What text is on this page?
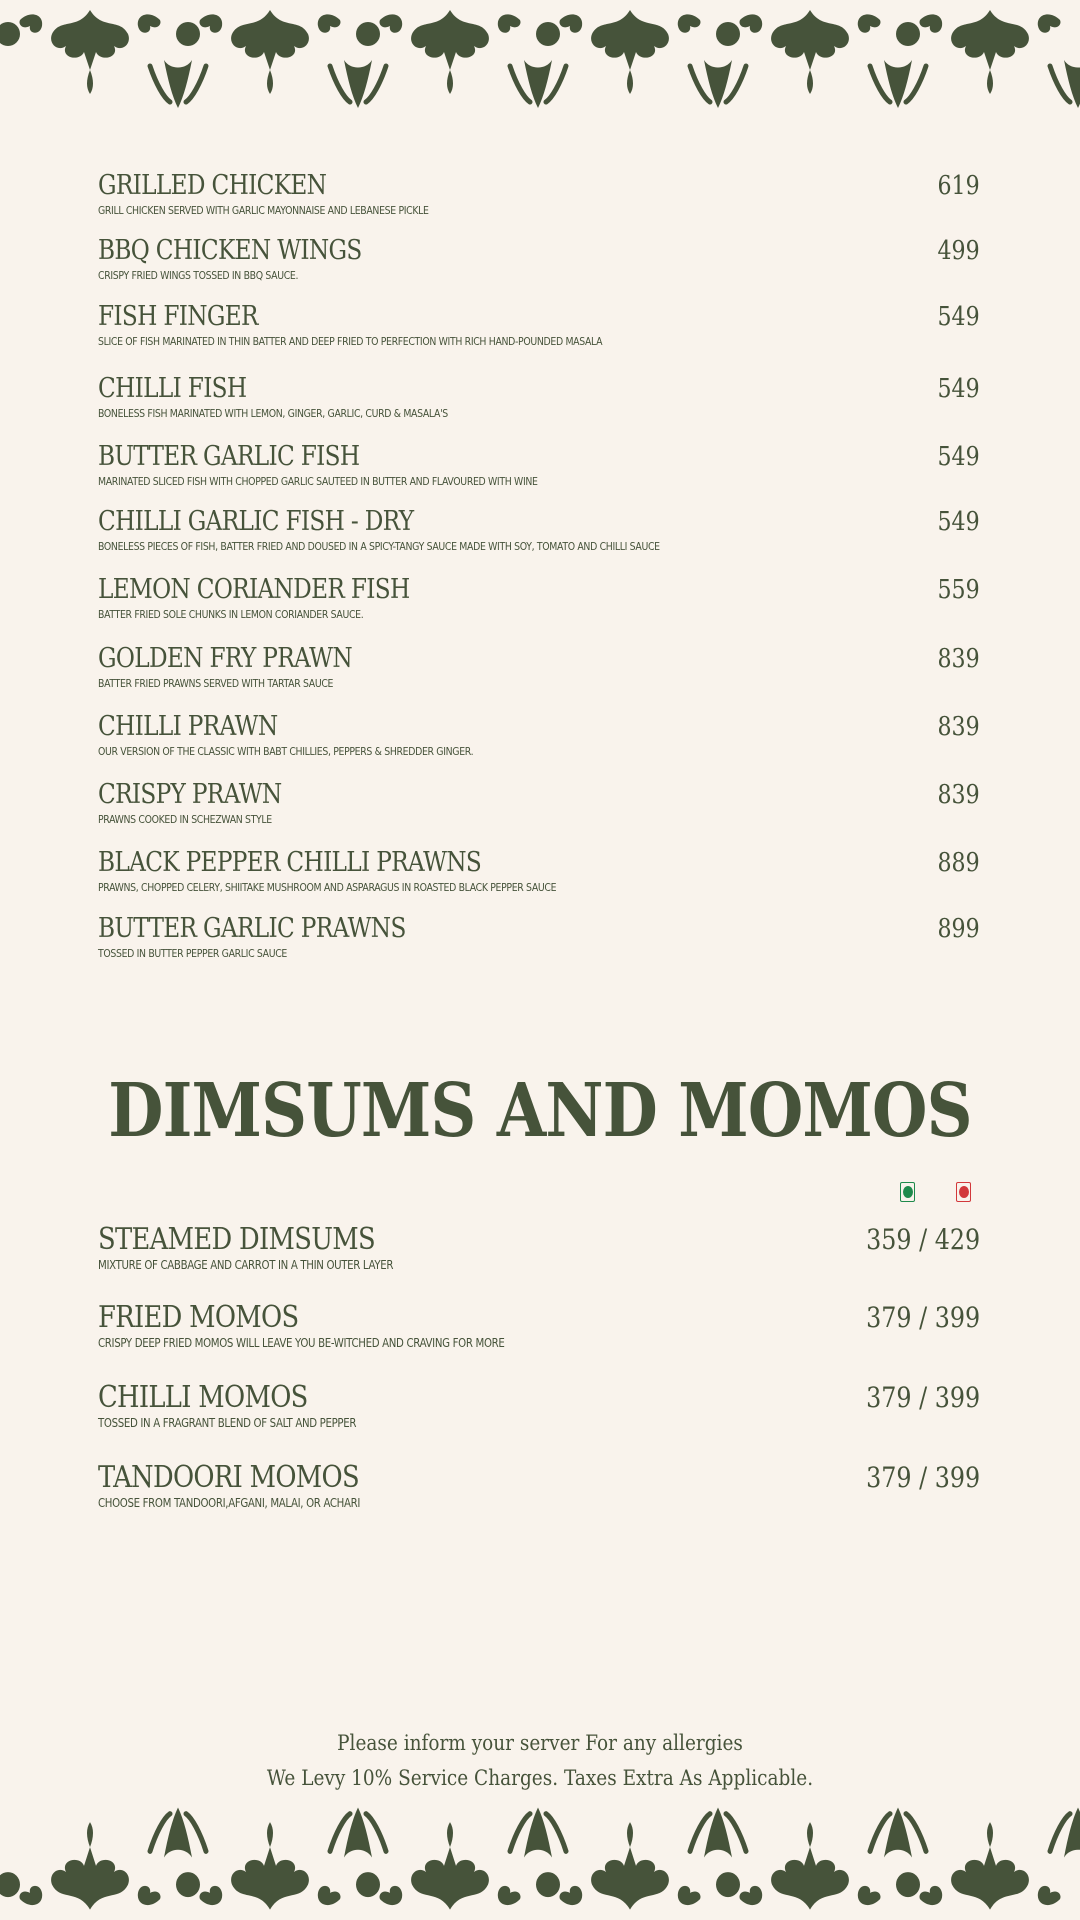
GRILLED CHICKEN
GRILL CHICKEN SERVED WITH GARLIC MAYONNAISE AND LEBANESE PICKLE
619
BBQ CHICKEN WINGS
CRISPY FRIED WINGS TOSSED IN BBQ SAUCE.
499
FISH FINGER
SLICE OF FISH MARINATED IN THIN BATTER AND DEEP FRIED TO PERFECTION WITH RICH HAND-POUNDED MASALA
549
CHILLI FISH
BONELESS FISH MARINATED WITH LEMON, GINGER, GARLIC, CURD & MASALA'S
549
BUTTER GARLIC FISH
MARINATED SLICED FISH WITH CHOPPED GARLIC SAUTEED IN BUTTER AND FLAVOURED WITH WINE
549
CHILLI GARLIC FISH - DRY
BONELESS PIECES OF FISH, BATTER FRIED AND DOUSED IN A SPICY-TANGY SAUCE MADE WITH SOY, TOMATO AND CHILLI SAUCE
549
LEMON CORIANDER FISH
BATTER FRIED SOLE CHUNKS IN LEMON CORIANDER SAUCE.
559
GOLDEN FRY PRAWN
BATTER FRIED PRAWNS SERVED WITH TARTAR SAUCE
839
CHILLI PRAWN
OUR VERSION OF THE CLASSIC WITH BABT CHILLIES, PEPPERS & SHREDDER GINGER.
839
CRISPY PRAWN
PRAWNS COOKED IN SCHEZWAN STYLE
839
BLACK PEPPER CHILLI PRAWNS
PRAWNS, CHOPPED CELERY, SHIITAKE MUSHROOM AND ASPARAGUS IN ROASTED BLACK PEPPER SAUCE
889
BUTTER GARLIC PRAWNS
TOSSED IN BUTTER PEPPER GARLIC SAUCE
899
DIMSUMS AND MOMOS
STEAMED DIMSUMS
MIXTURE OF CABBAGE AND CARROT IN A THIN OUTER LAYER
359 / 429
FRIED MOMOS
CRISPY DEEP FRIED MOMOS WILL LEAVE YOU BE-WITCHED AND CRAVING FOR MORE
379 / 399
CHILLI MOMOS
TOSSED IN A FRAGRANT BLEND OF SALT AND PEPPER
379 / 399
TANDOORI MOMOS
CHOOSE FROM TANDOORI,AFGANI, MALAI, OR ACHARI
379 / 399
Please inform your server For any allergies
We Levy 10% Service Charges. Taxes Extra As Applicable.
